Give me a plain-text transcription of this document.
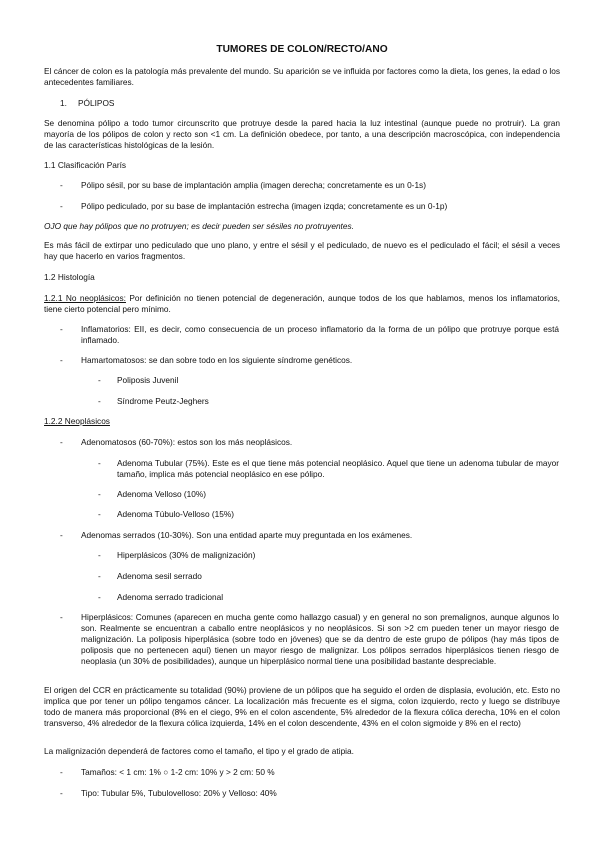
TUMORES DE COLON/RECTO/ANO
El cáncer de colon es la patología más prevalente del mundo. Su aparición se ve influida por factores como la dieta, los genes, la edad o los antecedentes familiares.
1. PÓLIPOS
Se denomina pólipo a todo tumor circunscrito que protruye desde la pared hacia la luz intestinal (aunque puede no protruir). La gran mayoría de los pólipos de colon y recto son <1 cm. La definición obedece, por tanto, a una descripción macroscópica, con independencia de las características histológicas de la lesión.
1.1 Clasificación París
- Pólipo sésil, por su base de implantación amplia (imagen derecha; concretamente es un 0-1s)
- Pólipo pediculado, por su base de implantación estrecha (imagen izqda; concretamente es un 0-1p)
OJO que hay pólipos que no protruyen; es decir pueden ser sésiles no protruyentes.
Es más fácil de extirpar uno pediculado que uno plano, y entre el sésil y el pediculado, de nuevo es el pediculado el fácil; el sésil a veces hay que hacerlo en varios fragmentos.
1.2 Histología
1.2.1 No neoplásicos: Por definición no tienen potencial de degeneración, aunque todos de los que hablamos, menos los inflamatorios, tiene cierto potencial pero mínimo.
- Inflamatorios: EII, es decir, como consecuencia de un proceso inflamatorio da la forma de un pólipo que protruye porque está inflamado.
- Hamartomatosos: se dan sobre todo en los siguiente síndrome genéticos.
- Poliposis Juvenil
- Síndrome Peutz-Jeghers
1.2.2 Neoplásicos
- Adenomatosos (60-70%): estos son los más neoplásicos.
- Adenoma Tubular (75%). Este es el que tiene más potencial neoplásico. Aquel que tiene un adenoma tubular de mayor tamaño, implica más potencial neoplásico en ese pólipo.
- Adenoma Velloso (10%)
- Adenoma Túbulo-Velloso (15%)
- Adenomas serrados (10-30%). Son una entidad aparte muy preguntada en los exámenes.
- Hiperplásicos (30% de malignización)
- Adenoma sesil serrado
- Adenoma serrado tradicional
- Hiperplásicos: Comunes (aparecen en mucha gente como hallazgo casual) y en general no son premalignos, aunque algunos lo son. Realmente se encuentran a caballo entre neoplásicos y no neoplásicos. Si son >2 cm pueden tener un mayor riesgo de malignización. La poliposis hiperplásica (sobre todo en jóvenes) que se da dentro de este grupo de pólipos (hay más tipos de poliposis que no pertenecen aquí) tienen un mayor riesgo de malignizar. Los pólipos serrados hiperplásicos tienen riesgo de neoplasia (un 30% de posibilidades), aunque un hiperplásico normal tiene una posibilidad bastante despreciable.
El origen del CCR en prácticamente su totalidad (90%) proviene de un pólipos que ha seguido el orden de displasia, evolución, etc. Esto no implica que por tener un pólipo tengamos cáncer. La localización más frecuente es el sigma, colon izquierdo, recto y luego se distribuye todo de manera más proporcional (8% en el ciego, 9% en el colon ascendente, 5% alrededor de la flexura cólica derecha, 10% en el colon transverso, 4% alrededor de la flexura cólica izquierda, 14% en el colon descendente, 43% en el colon sigmoide y 8% en el recto)
La malignización dependerá de factores como el tamaño, el tipo y el grado de atipia.
- Tamaños: < 1 cm: 1% ○ 1-2 cm: 10% y > 2 cm: 50 %
- Tipo: Tubular 5%, Tubulovelloso: 20% y Velloso: 40%
